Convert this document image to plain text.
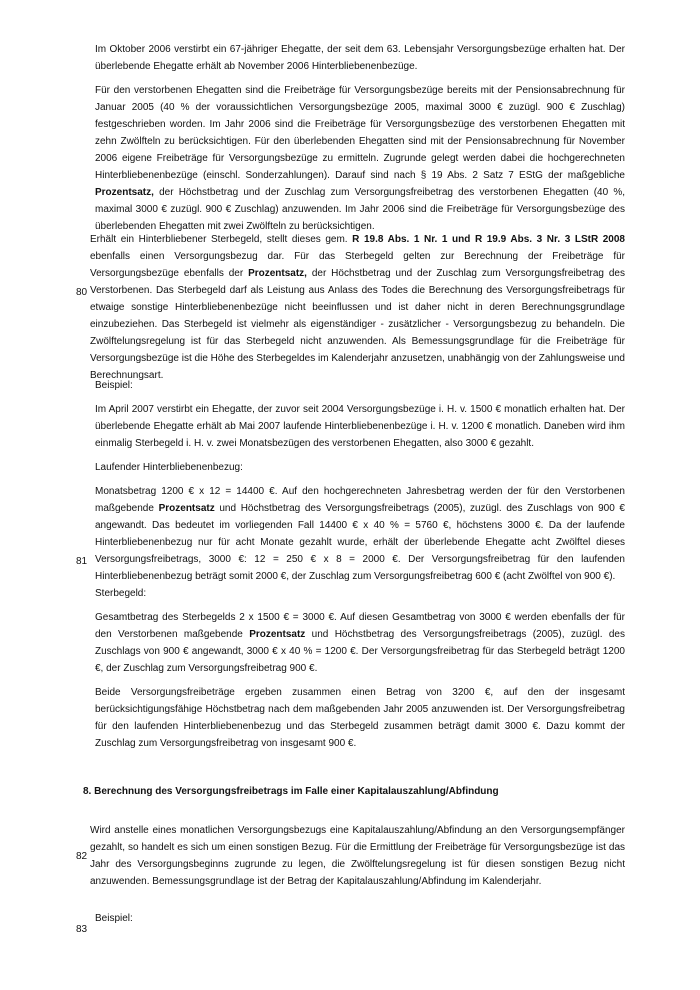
Im Oktober 2006 verstirbt ein 67-jähriger Ehegatte, der seit dem 63. Lebensjahr Versorgungsbezüge erhalten hat. Der überlebende Ehegatte erhält ab November 2006 Hinterbliebenenbezüge.

Für den verstorbenen Ehegatten sind die Freibeträge für Versorgungsbezüge bereits mit der Pensionsabrechnung für Januar 2005 (40 % der voraussichtlichen Versorgungsbezüge 2005, maximal 3000 € zuzügl. 900 € Zuschlag) festgeschrieben worden. Im Jahr 2006 sind die Freibeträge für Versorgungsbezüge des verstorbenen Ehegatten mit zehn Zwölfteln zu berücksichtigen. Für den überlebenden Ehegatten sind mit der Pensionsabrechnung für November 2006 eigene Freibeträge für Versorgungsbezüge zu ermitteln. Zugrunde gelegt werden dabei die hochgerechneten Hinterbliebenenbezüge (einschl. Sonderzahlungen). Darauf sind nach § 19 Abs. 2 Satz 7 EStG der maßgebliche Prozentsatz, der Höchstbetrag und der Zuschlag zum Versorgungsfreibetrag des verstorbenen Ehegatten (40 %, maximal 3000 € zuzügl. 900 € Zuschlag) anzuwenden. Im Jahr 2006 sind die Freibeträge für Versorgungsbezüge des überlebenden Ehegatten mit zwei Zwölfteln zu berücksichtigen.

80

Erhält ein Hinterbliebener Sterbegeld, stellt dieses gem. R 19.8 Abs. 1 Nr. 1 und R 19.9 Abs. 3 Nr. 3 LStR 2008 ebenfalls einen Versorgungsbezug dar. Für das Sterbegeld gelten zur Berechnung der Freibeträge für Versorgungsbezüge ebenfalls der Prozentsatz, der Höchstbetrag und der Zuschlag zum Versorgungsfreibetrag des Verstorbenen. Das Sterbegeld darf als Leistung aus Anlass des Todes die Berechnung des Versorgungsfreibetrags für etwaige sonstige Hinterbliebenenbezüge nicht beeinflussen und ist daher nicht in deren Berechnungsgrundlage einzubeziehen. Das Sterbegeld ist vielmehr als eigenständiger - zusätzlicher - Versorgungsbezug zu behandeln. Die Zwölftelungsregelung ist für das Sterbegeld nicht anzuwenden. Als Bemessungsgrundlage für die Freibeträge für Versorgungsbezüge ist die Höhe des Sterbegeldes im Kalenderjahr anzusetzen, unabhängig von der Zahlungsweise und Berechnungsart.

Beispiel:

Im April 2007 verstirbt ein Ehegatte, der zuvor seit 2004 Versorgungsbezüge i. H. v. 1500 € monatlich erhalten hat. Der überlebende Ehegatte erhält ab Mai 2007 laufende Hinterbliebenenbezüge i. H. v. 1200 € monatlich. Daneben wird ihm einmalig Sterbegeld i. H. v. zwei Monatsbezügen des verstorbenen Ehegatten, also 3000 € gezahlt.

Laufender Hinterbliebenenbezug:

81

Monatsbetrag 1200 € x 12 = 14400 €. Auf den hochgerechneten Jahresbetrag werden der für den Verstorbenen maßgebende Prozentsatz und Höchstbetrag des Versorgungsfreibetrags (2005), zuzügl. des Zuschlags von 900 € angewandt. Das bedeutet im vorliegenden Fall 14400 € x 40 % = 5760 €, höchstens 3000 €. Da der laufende Hinterbliebenenbezug nur für acht Monate gezahlt wurde, erhält der überlebende Ehegatte acht Zwölftel dieses Versorgungsfreibetrags, 3000 €: 12 = 250 € x 8 = 2000 €. Der Versorgungsfreibetrag für den laufenden Hinterbliebenenbezug beträgt somit 2000 €, der Zuschlag zum Versorgungsfreibetrag 600 € (acht Zwölftel von 900 €).

Sterbegeld:

Gesamtbetrag des Sterbegelds 2 x 1500 € = 3000 €. Auf diesen Gesamtbetrag von 3000 € werden ebenfalls der für den Verstorbenen maßgebende Prozentsatz und Höchstbetrag des Versorgungsfreibetrags (2005), zuzügl. des Zuschlags von 900 € angewandt, 3000 € x 40 % = 1200 €. Der Versorgungsfreibetrag für das Sterbegeld beträgt 1200 €, der Zuschlag zum Versorgungsfreibetrag 900 €.

Beide Versorgungsfreibeträge ergeben zusammen einen Betrag von 3200 €, auf den der insgesamt berücksichtigungsfähige Höchstbetrag nach dem maßgebenden Jahr 2005 anzuwenden ist. Der Versorgungsfreibetrag für den laufenden Hinterbliebenenbezug und das Sterbegeld zusammen beträgt damit 3000 €. Dazu kommt der Zuschlag zum Versorgungsfreibetrag von insgesamt 900 €.

8. Berechnung des Versorgungsfreibetrags im Falle einer Kapitalauszahlung/Abfindung

82

Wird anstelle eines monatlichen Versorgungsbezugs eine Kapitalauszahlung/Abfindung an den Versorgungsempfänger gezahlt, so handelt es sich um einen sonstigen Bezug. Für die Ermittlung der Freibeträge für Versorgungsbezüge ist das Jahr des Versorgungsbeginns zugrunde zu legen, die Zwölftelungsregelung ist für diesen sonstigen Bezug nicht anzuwenden. Bemessungsgrundlage ist der Betrag der Kapitalauszahlung/Abfindung im Kalenderjahr.

Beispiel:

83
